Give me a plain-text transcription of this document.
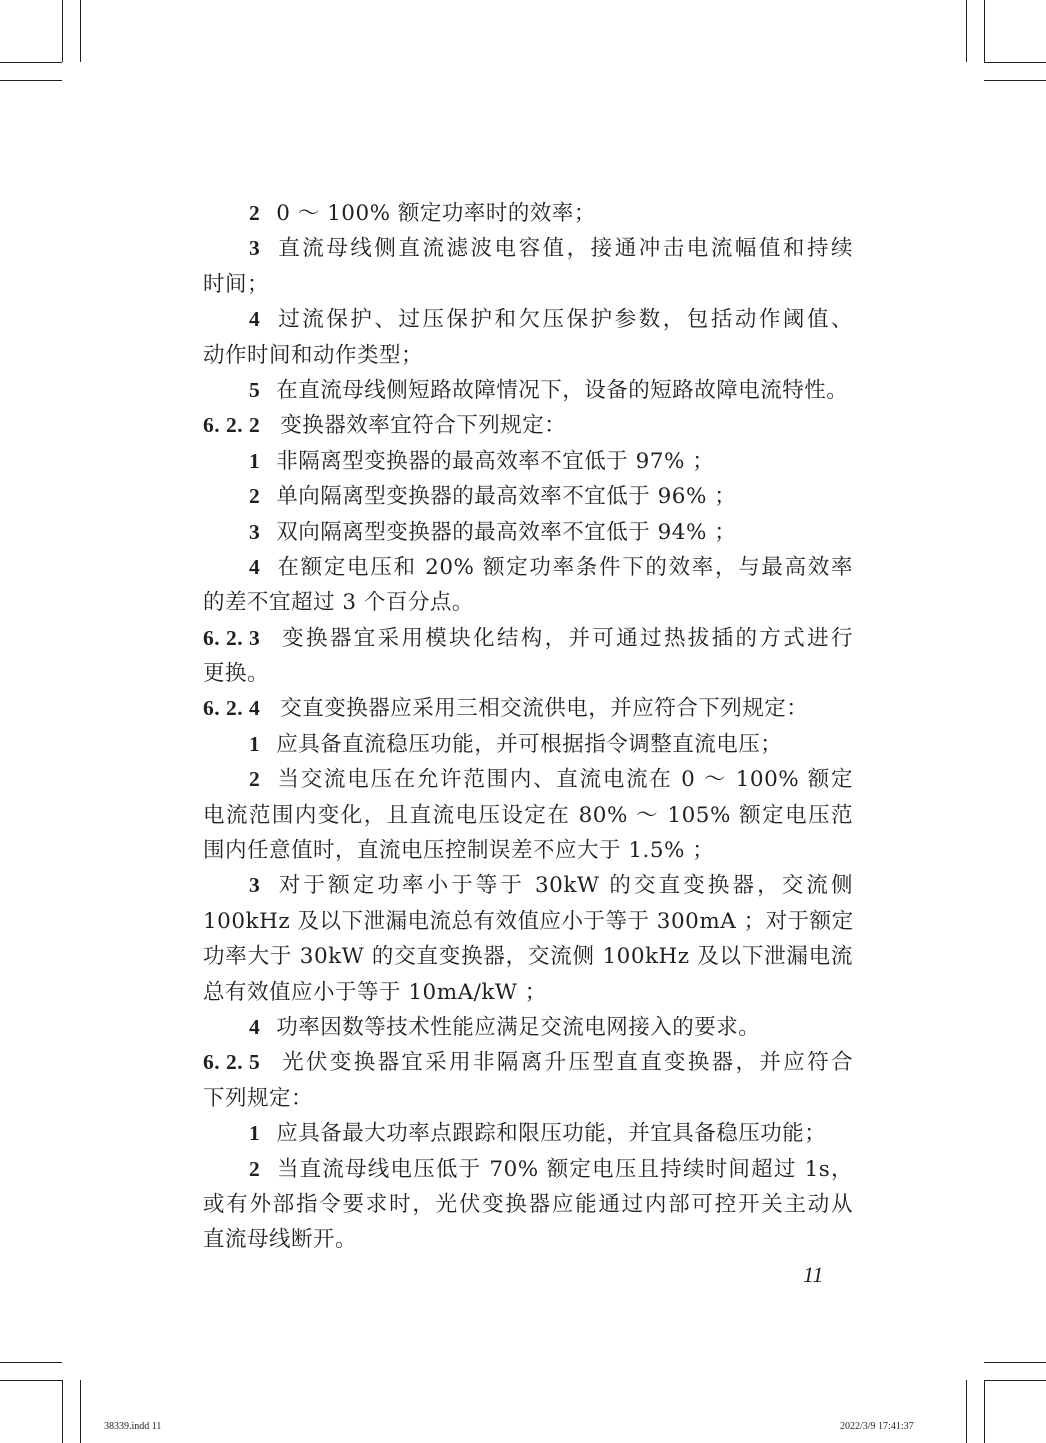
2 0 ～ 100% 额定功率时的效率；
3 直流母线侧直流滤波电容值，接通冲击电流幅值和持续
时间；
4 过流保护、过压保护和欠压保护参数，包括动作阈值、
动作时间和动作类型；
5 在直流母线侧短路故障情况下，设备的短路故障电流特性。
6. 2. 2 变换器效率宜符合下列规定：
1 非隔离型变换器的最高效率不宜低于 97% ；
2 单向隔离型变换器的最高效率不宜低于 96% ；
3 双向隔离型变换器的最高效率不宜低于 94% ；
4 在额定电压和 20% 额定功率条件下的效率，与最高效率
的差不宜超过 3 个百分点。
6. 2. 3 变换器宜采用模块化结构，并可通过热拔插的方式进行
更换。
6. 2. 4 交直变换器应采用三相交流供电，并应符合下列规定：
1 应具备直流稳压功能，并可根据指令调整直流电压；
2 当交流电压在允许范围内、直流电流在 0 ～ 100% 额定
电流范围内变化，且直流电压设定在 80% ～ 105% 额定电压范
围内任意值时，直流电压控制误差不应大于 1.5% ；
3 对于额定功率小于等于 30kW 的交直变换器，交流侧
100kHz 及以下泄漏电流总有效值应小于等于 300mA ；对于额定
功率大于 30kW 的交直变换器，交流侧 100kHz 及以下泄漏电流
总有效值应小于等于 10mA/kW ；
4 功率因数等技术性能应满足交流电网接入的要求。
6. 2. 5 光伏变换器宜采用非隔离升压型直直变换器，并应符合
下列规定：
1 应具备最大功率点跟踪和限压功能，并宜具备稳压功能；
2 当直流母线电压低于 70% 额定电压且持续时间超过 1s，
或有外部指令要求时，光伏变换器应能通过内部可控开关主动从
直流母线断开。
11
38339.indd 11	2022/3/9 17:41:37
